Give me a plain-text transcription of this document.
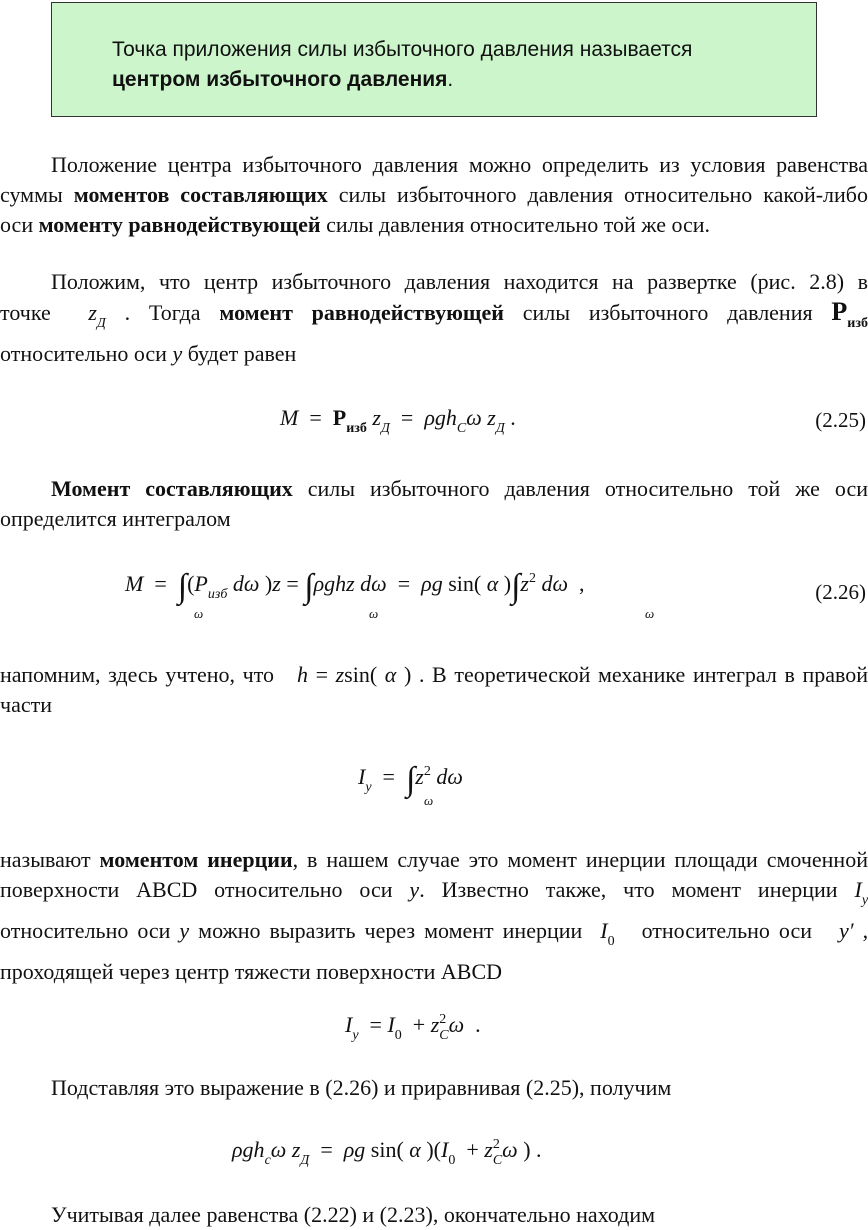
Точка приложения силы избыточного давления называется
центром избыточного давления.

Положение центра избыточного давления можно определить из условия равенства суммы моментов составляющих силы избыточного давления относительно какой-либо оси моменту равнодействующей силы давления относительно той же оси.

Положим, что центр избыточного давления находится на развертке (рис. 2.8) в точке $z_Д$ . Тогда момент равнодействующей силы избыточного давления $P_{изб}$ относительно оси y будет равен

$M = P_{изб}$ $z_Д = \rho gh_C\omega$ $z_Д$ .	(2.25)

Момент составляющих силы избыточного давления относительно той же оси определится интегралом

$M = \int(P_{изб}$ dω )z = ∫ρghz dω = ρg sin( α )$\int z^2$ dω ,
ω	ω	ω
(2.26)

напомним, здесь учтено, что h = zsin( α ) . В теоретической механике интеграл в правой части

$I_y = \int z^2$ dω
ω

называют моментом инерции, в нашем случае это момент инерции площади смоченной поверхности ABCD относительно оси y. Известно также, что момент инерции $I_y$ относительно оси y можно выразить через момент инерции $I_0$   относительно оси y′ , проходящей через центр тяжести поверхности ABCD

$I_y = I_0 + z^2_C\omega$ .

Подставляя это выражение в (2.26) и приравнивая (2.25), получим

ρgh$_c$ω $z_Д = \rho g$ sin( α )($I_0 + z^2_C\omega$ ) .

Учитывая далее равенства (2.22) и (2.23), окончательно находим
